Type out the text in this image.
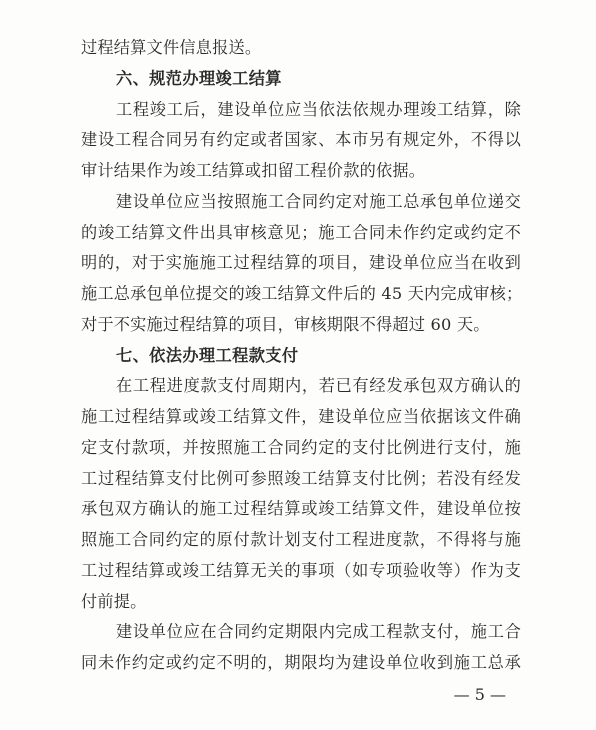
过程结算文件信息报送。
六、规范办理竣工结算
工程竣工后，建设单位应当依法依规办理竣工结算，除
建设工程合同另有约定或者国家、本市另有规定外，不得以
审计结果作为竣工结算或扣留工程价款的依据。
建设单位应当按照施工合同约定对施工总承包单位递交
的竣工结算文件出具审核意见；施工合同未作约定或约定不
明的，对于实施施工过程结算的项目，建设单位应当在收到
施工总承包单位提交的竣工结算文件后的 45 天内完成审核；
对于不实施过程结算的项目，审核期限不得超过 60 天。
七、依法办理工程款支付
在工程进度款支付周期内，若已有经发承包双方确认的
施工过程结算或竣工结算文件，建设单位应当依据该文件确
定支付款项，并按照施工合同约定的支付比例进行支付，施
工过程结算支付比例可参照竣工结算支付比例；若没有经发
承包双方确认的施工过程结算或竣工结算文件，建设单位按
照施工合同约定的原付款计划支付工程进度款，不得将与施
工过程结算或竣工结算无关的事项（如专项验收等）作为支
付前提。
建设单位应在合同约定期限内完成工程款支付，施工合
同未作约定或约定不明的，期限均为建设单位收到施工总承
— 5 —
